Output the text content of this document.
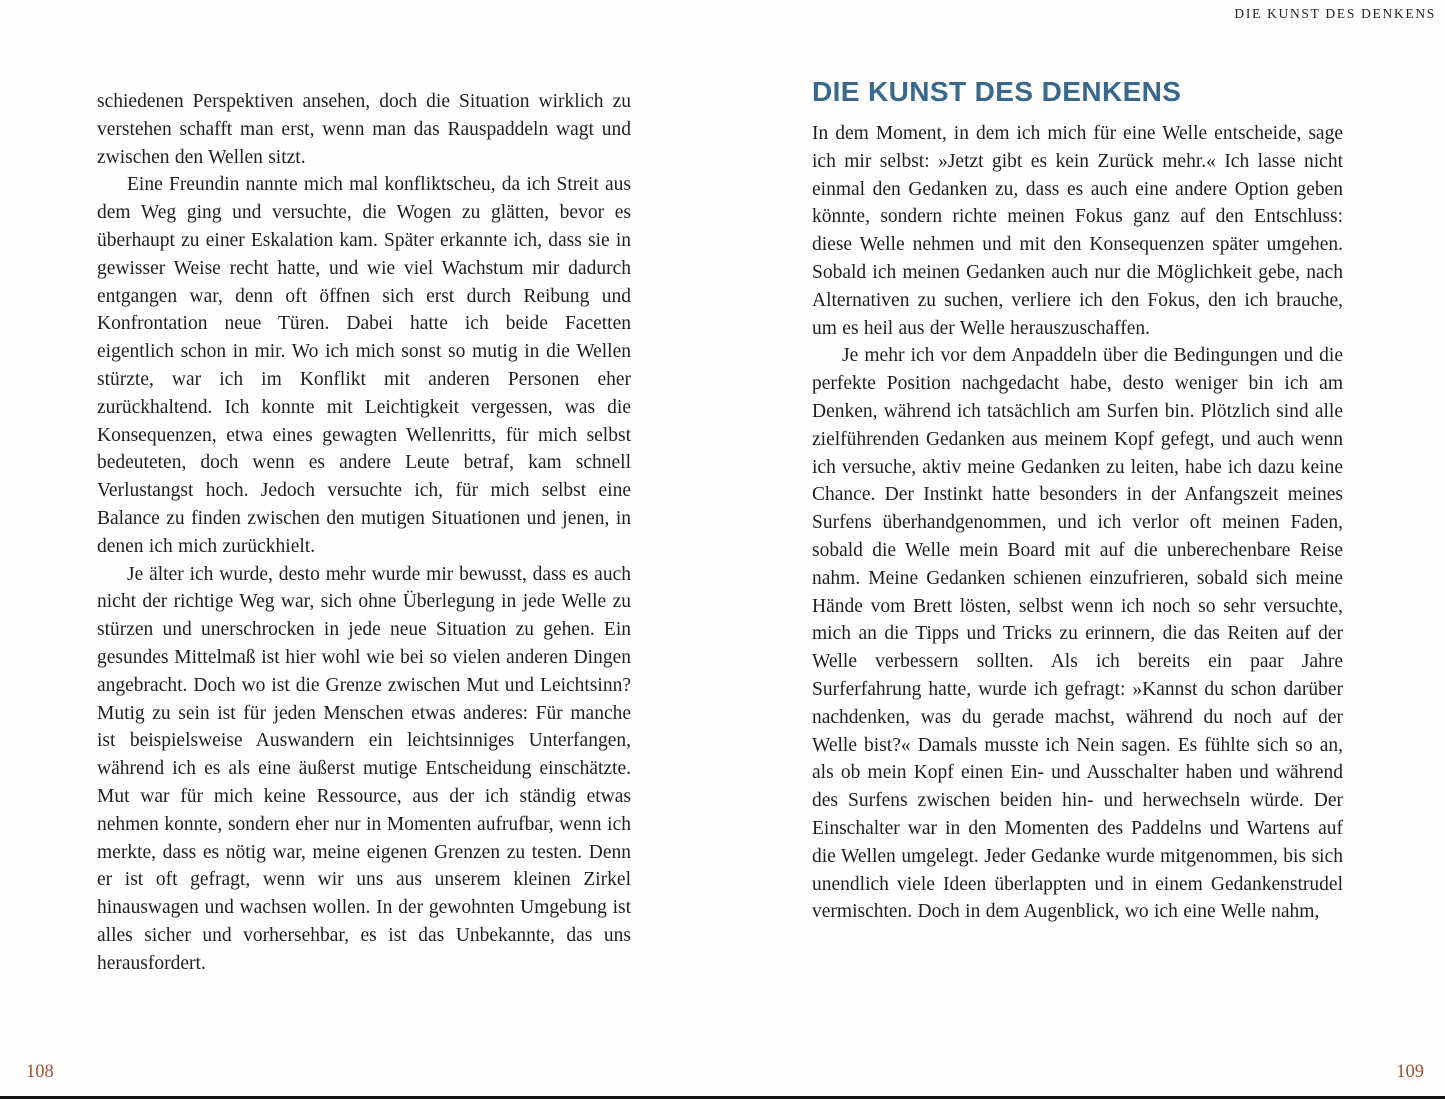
DIE KUNST DES DENKENS

schiedenen Perspektiven ansehen, doch die Situation wirklich zu verstehen schafft man erst, wenn man das Rauspaddeln wagt und zwischen den Wellen sitzt.

Eine Freundin nannte mich mal konfliktscheu, da ich Streit aus dem Weg ging und versuchte, die Wogen zu glätten, bevor es überhaupt zu einer Eskalation kam. Später erkannte ich, dass sie in gewisser Weise recht hatte, und wie viel Wachstum mir dadurch entgangen war, denn oft öffnen sich erst durch Reibung und Konfrontation neue Türen. Dabei hatte ich beide Facetten eigentlich schon in mir. Wo ich mich sonst so mutig in die Wellen stürzte, war ich im Konflikt mit anderen Personen eher zurückhaltend. Ich konnte mit Leichtigkeit vergessen, was die Konsequenzen, etwa eines gewagten Wellenritts, für mich selbst bedeuteten, doch wenn es andere Leute betraf, kam schnell Verlustangst hoch. Jedoch versuchte ich, für mich selbst eine Balance zu finden zwischen den mutigen Situationen und jenen, in denen ich mich zurückhielt.

Je älter ich wurde, desto mehr wurde mir bewusst, dass es auch nicht der richtige Weg war, sich ohne Überlegung in jede Welle zu stürzen und unerschrocken in jede neue Situation zu gehen. Ein gesundes Mittelmaß ist hier wohl wie bei so vielen anderen Dingen angebracht. Doch wo ist die Grenze zwischen Mut und Leichtsinn? Mutig zu sein ist für jeden Menschen etwas anderes: Für manche ist beispielsweise Auswandern ein leichtsinniges Unterfangen, während ich es als eine äußerst mutige Entscheidung einschätzte. Mut war für mich keine Ressource, aus der ich ständig etwas nehmen konnte, sondern eher nur in Momenten aufrufbar, wenn ich merkte, dass es nötig war, meine eigenen Grenzen zu testen. Denn er ist oft gefragt, wenn wir uns aus unserem kleinen Zirkel hinauswagen und wachsen wollen. In der gewohnten Umgebung ist alles sicher und vorhersehbar, es ist das Unbekannte, das uns herausfordert.

DIE KUNST DES DENKENS

In dem Moment, in dem ich mich für eine Welle entscheide, sage ich mir selbst: »Jetzt gibt es kein Zurück mehr.« Ich lasse nicht einmal den Gedanken zu, dass es auch eine andere Option geben könnte, sondern richte meinen Fokus ganz auf den Entschluss: diese Welle nehmen und mit den Konsequenzen später umgehen. Sobald ich meinen Gedanken auch nur die Möglichkeit gebe, nach Alternativen zu suchen, verliere ich den Fokus, den ich brauche, um es heil aus der Welle herauszuschaffen.

Je mehr ich vor dem Anpaddeln über die Bedingungen und die perfekte Position nachgedacht habe, desto weniger bin ich am Denken, während ich tatsächlich am Surfen bin. Plötzlich sind alle zielführenden Gedanken aus meinem Kopf gefegt, und auch wenn ich versuche, aktiv meine Gedanken zu leiten, habe ich dazu keine Chance. Der Instinkt hatte besonders in der Anfangszeit meines Surfens überhandgenommen, und ich verlor oft meinen Faden, sobald die Welle mein Board mit auf die unberechenbare Reise nahm. Meine Gedanken schienen einzufrieren, sobald sich meine Hände vom Brett lösten, selbst wenn ich noch so sehr versuchte, mich an die Tipps und Tricks zu erinnern, die das Reiten auf der Welle verbessern sollten. Als ich bereits ein paar Jahre Surferfahrung hatte, wurde ich gefragt: »Kannst du schon darüber nachdenken, was du gerade machst, während du noch auf der Welle bist?« Damals musste ich Nein sagen. Es fühlte sich so an, als ob mein Kopf einen Ein- und Ausschalter haben und während des Surfens zwischen beiden hin- und herwechseln würde. Der Einschalter war in den Momenten des Paddelns und Wartens auf die Wellen umgelegt. Jeder Gedanke wurde mitgenommen, bis sich unendlich viele Ideen überlappten und in einem Gedankenstrudel vermischten. Doch in dem Augenblick, wo ich eine Welle nahm,

108	109
